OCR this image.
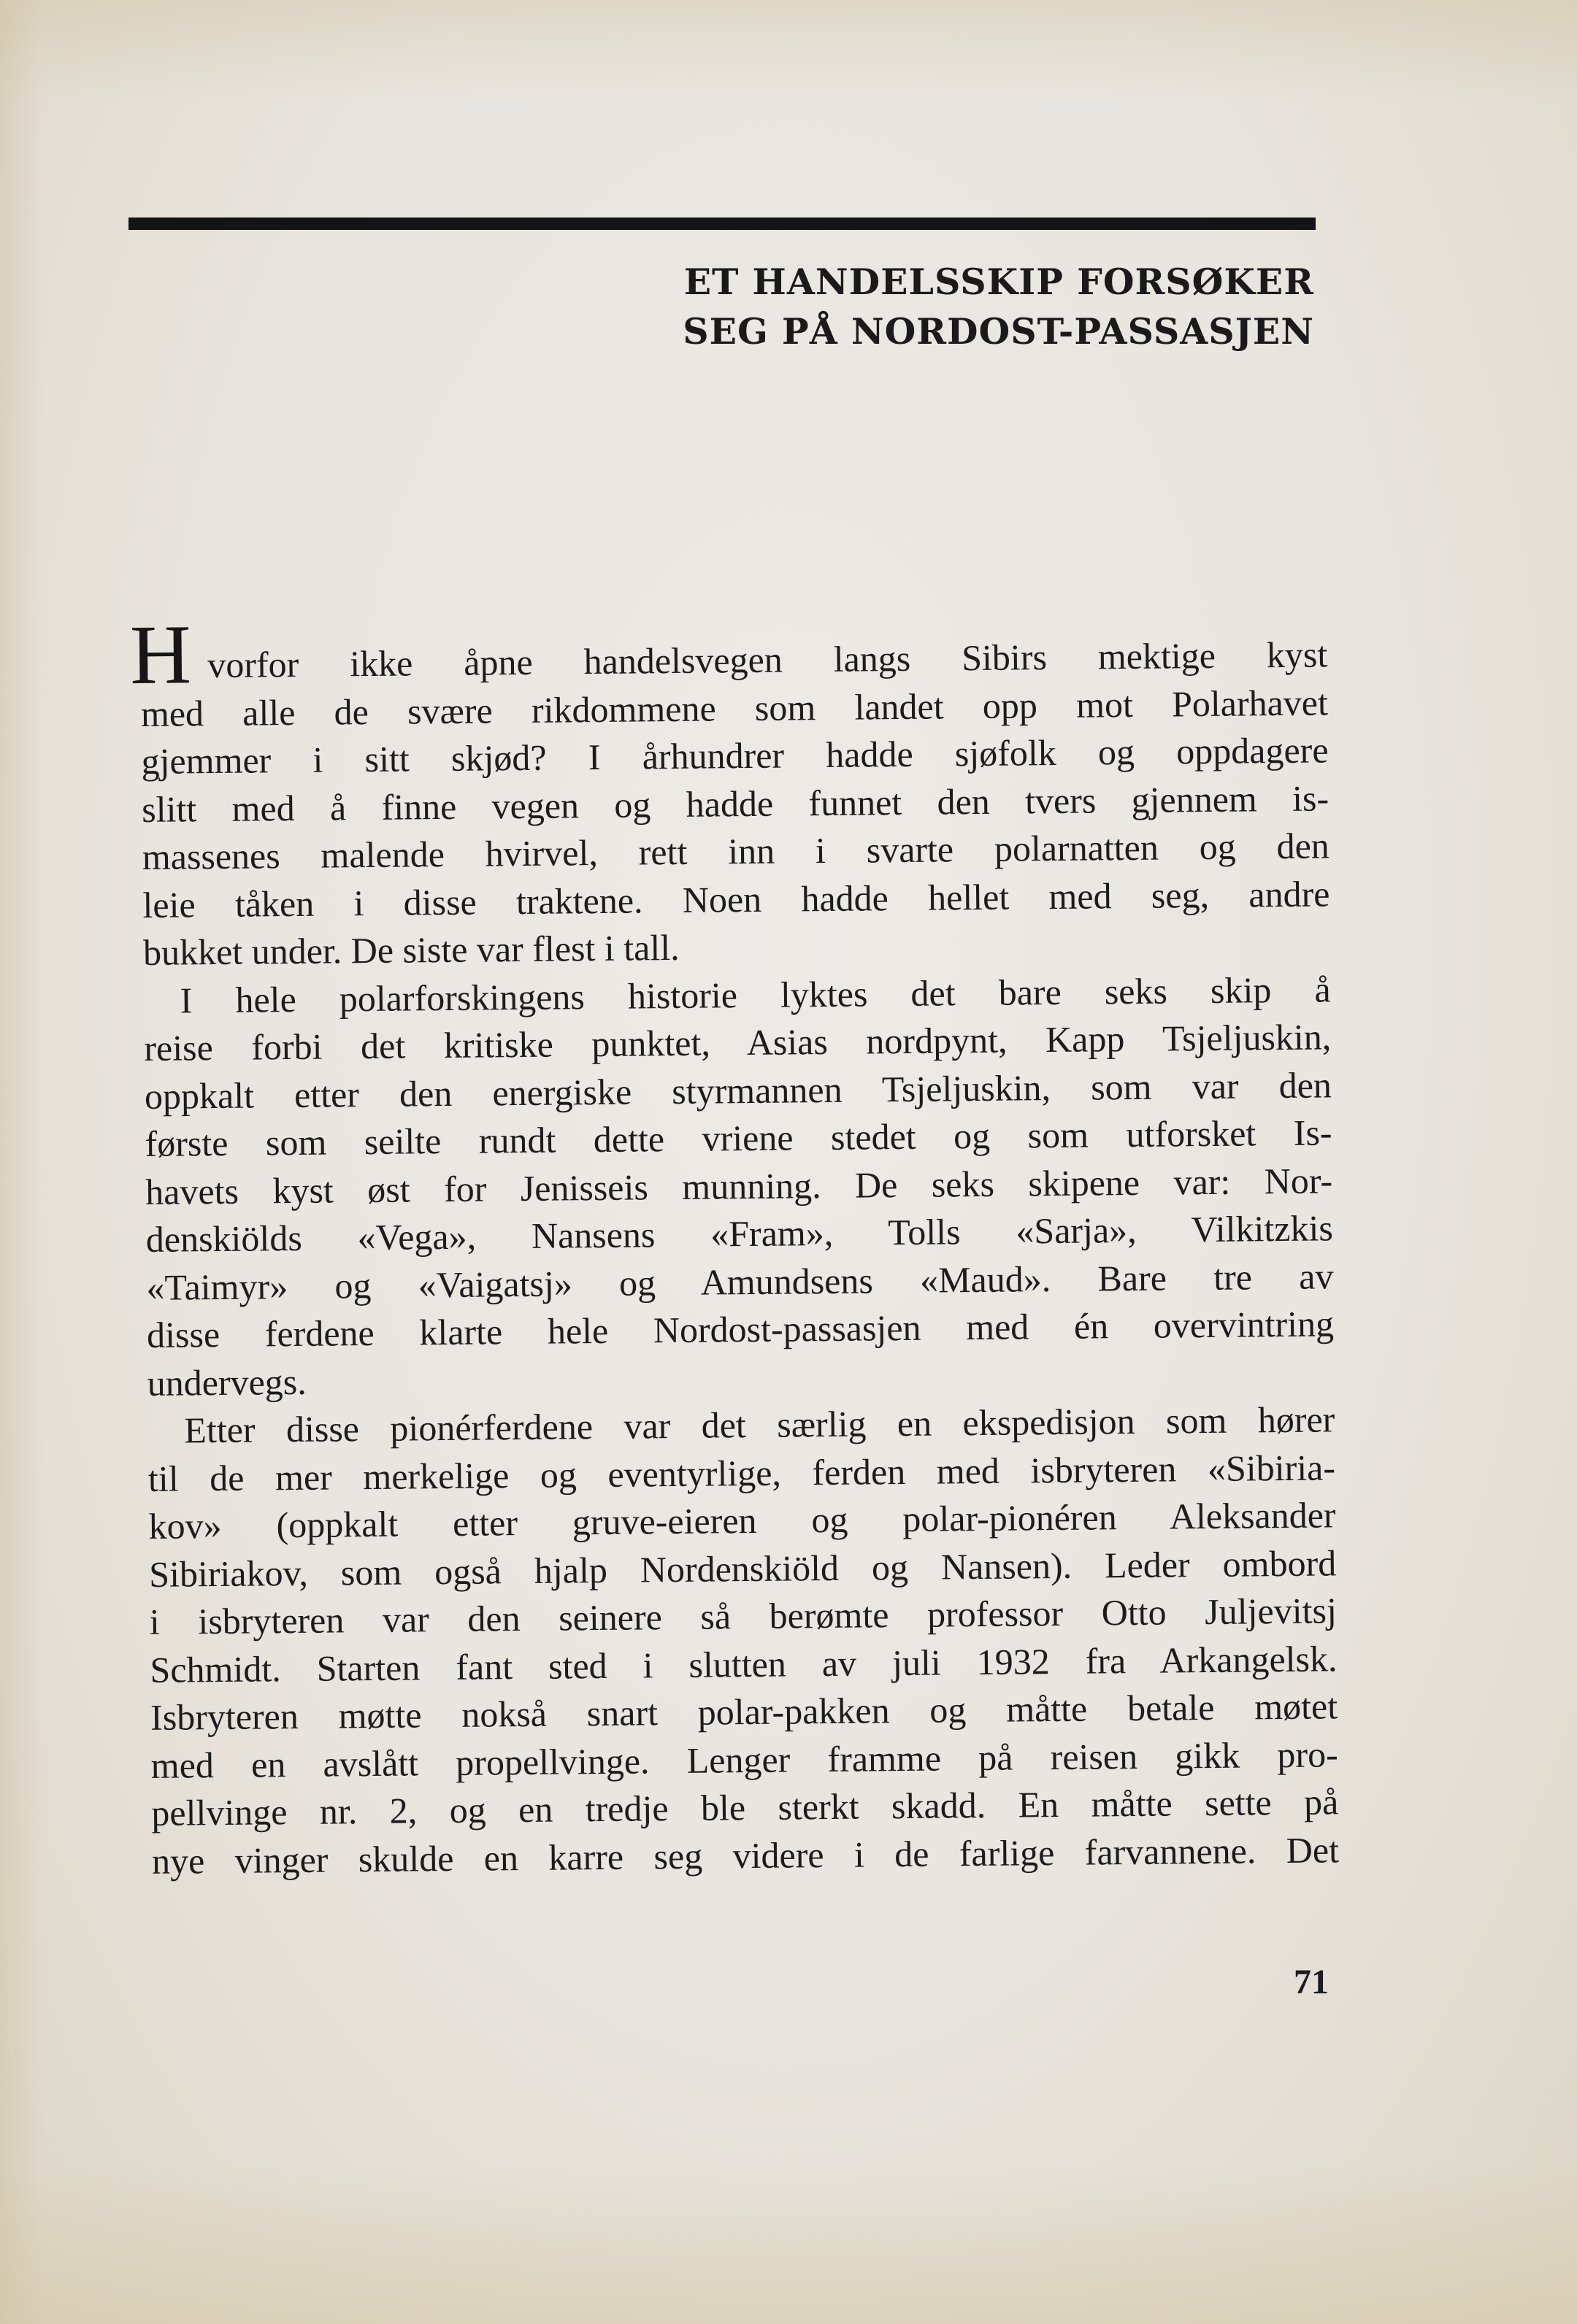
ET HANDELSSKIP FORSØKER
SEG PÅ NORDOST-PASSASJEN
H vorfor ikke åpne handelsvegen langs Sibirs mektige kyst
med alle de svære rikdommene som landet opp mot Polarhavet
gjemmer i sitt skjød? I århundrer hadde sjøfolk og oppdagere
slitt med å finne vegen og hadde funnet den tvers gjennem is-
massenes malende hvirvel, rett inn i svarte polarnatten og den
leie tåken i disse traktene. Noen hadde hellet med seg, andre
bukket under. De siste var flest i tall.
I hele polarforskingens historie lyktes det bare seks skip å
reise forbi det kritiske punktet, Asias nordpynt, Kapp Tsjeljuskin,
oppkalt etter den energiske styrmannen Tsjeljuskin, som var den
første som seilte rundt dette vriene stedet og som utforsket Is-
havets kyst øst for Jenisseis munning. De seks skipene var: Nor-
denskiölds «Vega», Nansens «Fram», Tolls «Sarja», Vilkitzkis
«Taimyr» og «Vaigatsj» og Amundsens «Maud». Bare tre av
disse ferdene klarte hele Nordost-passasjen med én overvintring
undervegs.
Etter disse pionérferdene var det særlig en ekspedisjon som hører
til de mer merkelige og eventyrlige, ferden med isbryteren «Sibiria-
kov» (oppkalt etter gruve-eieren og polar-pionéren Aleksander
Sibiriakov, som også hjalp Nordenskiöld og Nansen). Leder ombord
i isbryteren var den seinere så berømte professor Otto Juljevitsj
Schmidt. Starten fant sted i slutten av juli 1932 fra Arkangelsk.
Isbryteren møtte nokså snart polar-pakken og måtte betale møtet
med en avslått propellvinge. Lenger framme på reisen gikk pro-
pellvinge nr. 2, og en tredje ble sterkt skadd. En måtte sette på
nye vinger skulde en karre seg videre i de farlige farvannene. Det
71
